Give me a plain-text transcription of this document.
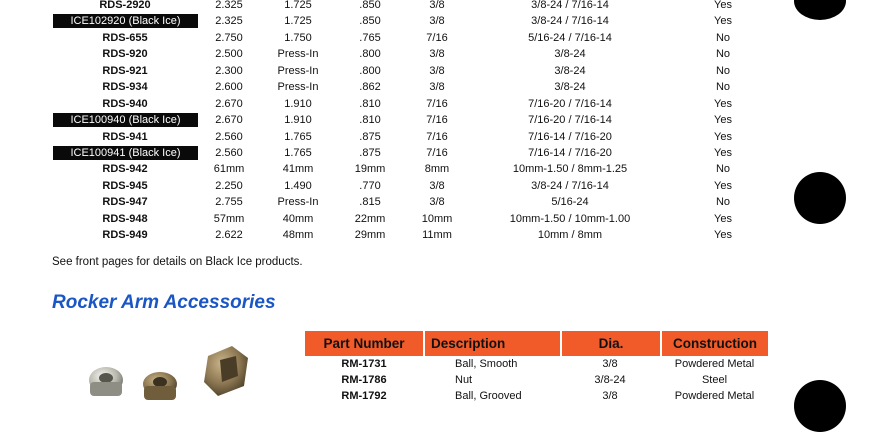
RDS-2920	2.325	1.725	.850	3/8	3/8-24 / 7/16-14	Yes
ICE102920 (Black Ice)	2.325	1.725	.850	3/8	3/8-24 / 7/16-14	Yes
RDS-655	2.750	1.750	.765	7/16	5/16-24 / 7/16-14	No
RDS-920	2.500	Press-In	.800	3/8	3/8-24	No
RDS-921	2.300	Press-In	.800	3/8	3/8-24	No
RDS-934	2.600	Press-In	.862	3/8	3/8-24	No
RDS-940	2.670	1.910	.810	7/16	7/16-20 / 7/16-14	Yes
ICE100940 (Black Ice)	2.670	1.910	.810	7/16	7/16-20 / 7/16-14	Yes
RDS-941	2.560	1.765	.875	7/16	7/16-14 / 7/16-20	Yes
ICE100941 (Black Ice)	2.560	1.765	.875	7/16	7/16-14 / 7/16-20	Yes
RDS-942	61mm	41mm	19mm	8mm	10mm-1.50 / 8mm-1.25	No
RDS-945	2.250	1.490	.770	3/8	3/8-24 / 7/16-14	Yes
RDS-947	2.755	Press-In	.815	3/8	5/16-24	No
RDS-948	57mm	40mm	22mm	10mm	10mm-1.50 / 10mm-1.00	Yes
RDS-949	2.622	48mm	29mm	11mm	10mm / 8mm	Yes
See front pages for details on Black Ice products.
Rocker Arm Accessories
Part Number	Description	Dia.	Construction
RM-1731	Ball, Smooth	3/8	Powdered Metal
RM-1786	Nut	3/8-24	Steel
RM-1792	Ball, Grooved	3/8	Powdered Metal
